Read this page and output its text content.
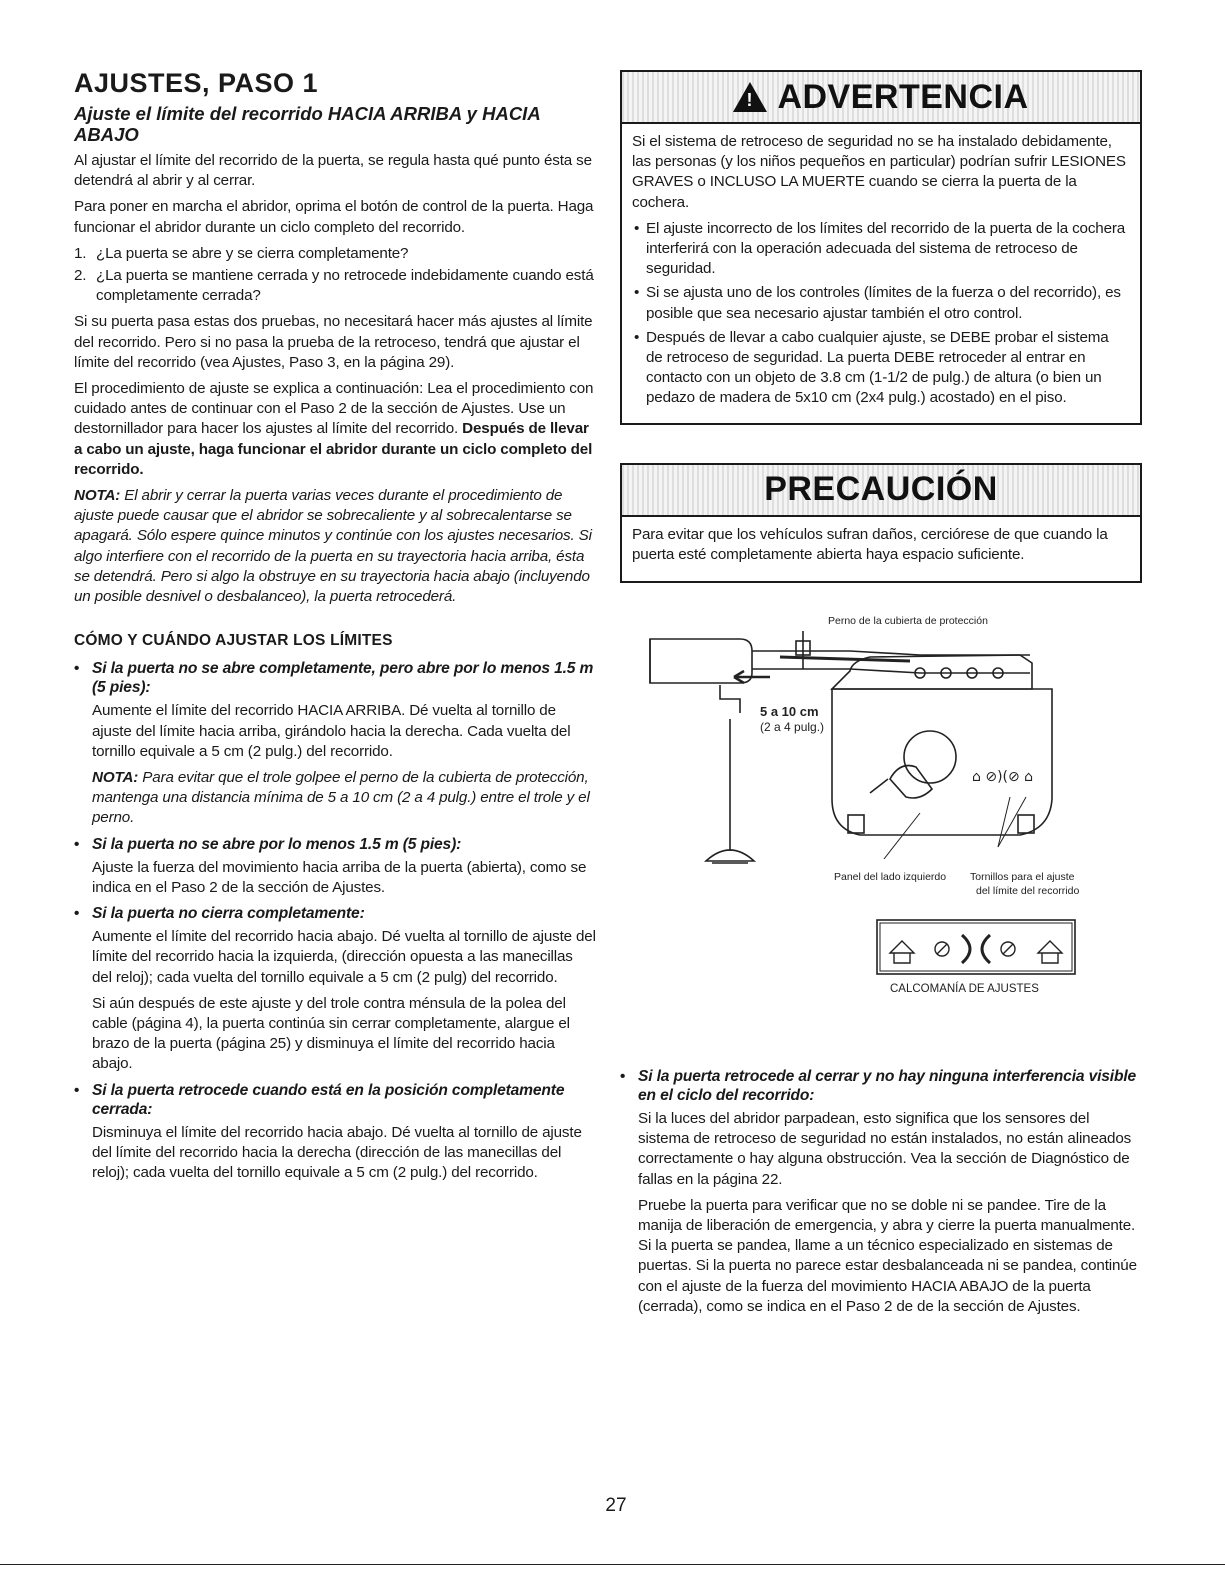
AJUSTES, PASO 1
Ajuste el límite del recorrido HACIA ARRIBA y HACIA ABAJO

Al ajustar el límite del recorrido de la puerta, se regula hasta qué punto ésta se detendrá al abrir y al cerrar.

Para poner en marcha el abridor, oprima el botón de control de la puerta. Haga funcionar el abridor durante un ciclo completo del recorrido.

1. ¿La puerta se abre y se cierra completamente?
2. ¿La puerta se mantiene cerrada y no retrocede indebidamente cuando está completamente cerrada?

Si su puerta pasa estas dos pruebas, no necesitará hacer más ajustes al límite del recorrido. Pero si no pasa la prueba de la retroceso, tendrá que ajustar el límite del recorrido (vea Ajustes, Paso 3, en la página 29).

El procedimiento de ajuste se explica a continuación: Lea el procedimiento con cuidado antes de continuar con el Paso 2 de la sección de Ajustes. Use un destornillador para hacer los ajustes al límite del recorrido. Después de llevar a cabo un ajuste, haga funcionar el abridor durante un ciclo completo del recorrido.

NOTA: El abrir y cerrar la puerta varias veces durante el procedimiento de ajuste puede causar que el abridor se sobrecaliente y al sobrecalentarse se apagará. Sólo espere quince minutos y continúe con los ajustes necesarios. Si algo interfiere con el recorrido de la puerta en su trayectoria hacia arriba, ésta se detendrá. Pero si algo la obstruye en su trayectoria hacia abajo (incluyendo un posible desnivel o desbalanceo), la puerta retrocederá.

CÓMO Y CUÁNDO AJUSTAR LOS LÍMITES
• Si la puerta no se abre completamente, pero abre por lo menos 1.5 m (5 pies):

Aumente el límite del recorrido HACIA ARRIBA. Dé vuelta al tornillo de ajuste del límite hacia arriba, girándolo hacia la derecha. Cada vuelta del tornillo equivale a 5 cm (2 pulg.) del recorrido.

NOTA: Para evitar que el trole golpee el perno de la cubierta de protección, mantenga una distancia mínima de 5 a 10 cm (2 a 4 pulg.) entre el trole y el perno.

• Si la puerta no se abre por lo menos 1.5 m (5 pies):

Ajuste la fuerza del movimiento hacia arriba de la puerta (abierta), como se indica en el Paso 2 de la sección de Ajustes.

• Si la puerta no cierra completamente:

Aumente el límite del recorrido hacia abajo. Dé vuelta al tornillo de ajuste del límite del recorrido hacia la izquierda, (dirección opuesta a las manecillas del reloj); cada vuelta del tornillo equivale a 5 cm (2 pulg) del recorrido.

Si aún después de este ajuste y del trole contra ménsula de la polea del cable (página 4), la puerta continúa sin cerrar completamente, alargue el brazo de la puerta (página 25) y disminuya el límite del recorrido hacia abajo.

• Si la puerta retrocede cuando está en la posición completamente cerrada:

Disminuya el límite del recorrido hacia abajo. Dé vuelta al tornillo de ajuste del límite del recorrido hacia la derecha (dirección de las manecillas del reloj); cada vuelta del tornillo equivale a 5 cm (2 pulg.) del recorrido.

! ADVERTENCIA

Si el sistema de retroceso de seguridad no se ha instalado debidamente, las personas (y los niños pequeños en particular) podrían sufrir LESIONES GRAVES o INCLUSO LA MUERTE cuando se cierra la puerta de la cochera.

• El ajuste incorrecto de los límites del recorrido de la puerta de la cochera interferirá con la operación adecuada del sistema de retroceso de seguridad.
• Si se ajusta uno de los controles (límites de la fuerza o del recorrido), es posible que sea necesario ajustar también el otro control.
• Después de llevar a cabo cualquier ajuste, se DEBE probar el sistema de retroceso de seguridad. La puerta DEBE retroceder al entrar en contacto con un objeto de 3.8 cm (1-1/2 de pulg.) de altura (o bien un pedazo de madera de 5x10 cm (2x4 pulg.) acostado) en el piso.
PRECAUCIÓN

Para evitar que los vehículos sufran daños, cerciórese de que cuando la puerta esté completamente abierta haya espacio suficiente.

Perno de la cubierta de protección
⌂ ⊘)(⊘ ⌂
5 a 10 cm
(2 a 4 pulg.)
Panel del lado izquierdo Tornillos para el ajuste
del límite del recorrido
CALCOMANÍA DE AJUSTES
• Si la puerta retrocede al cerrar y no hay ninguna interferencia visible en el ciclo del recorrido:

Si la luces del abridor parpadean, esto significa que los sensores del sistema de retroceso de seguridad no están instalados, no están alineados correctamente o hay alguna obstrucción. Vea la sección de Diagnóstico de fallas en la página 22.

Pruebe la puerta para verificar que no se doble ni se pandee. Tire de la manija de liberación de emergencia, y abra y cierre la puerta manualmente. Si la puerta se pandea, llame a un técnico especializado en sistemas de puertas. Si la puerta no parece estar desbalanceada ni se pandea, continúe con el ajuste de la fuerza del movimiento HACIA ABAJO de la puerta (cerrada), como se indica en el Paso 2 de de la sección de Ajustes.

27
